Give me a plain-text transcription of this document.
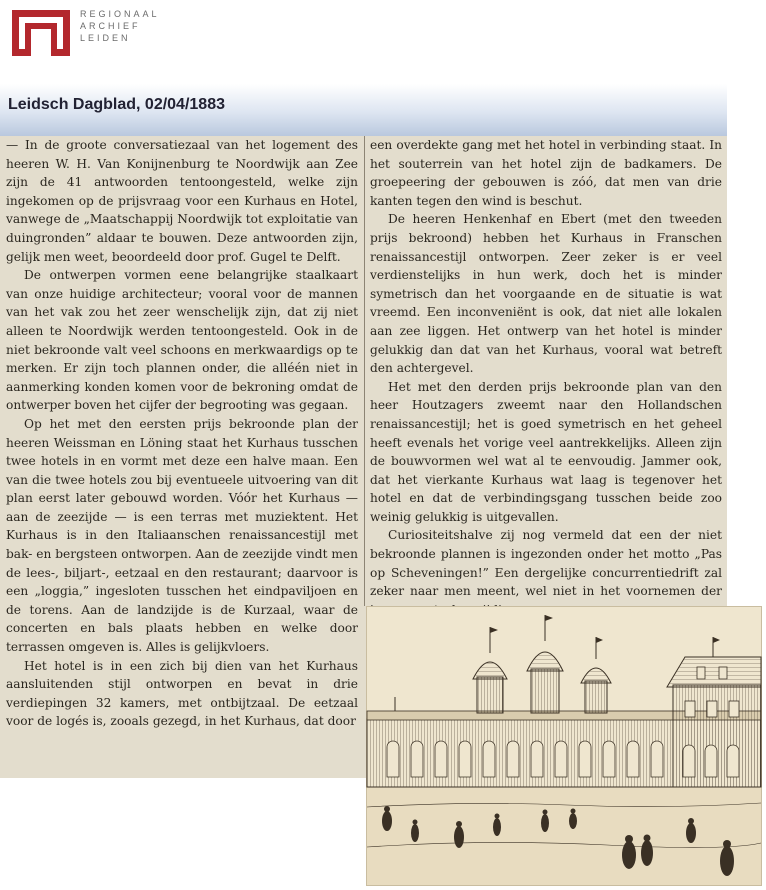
REGIONAAL
ARCHIEF
LEIDEN
Leidsch Dagblad, 02/04/1883

— In de groote conversatiezaal van het logement des heeren W. H. Van Konijnenburg te Noordwijk aan Zee zijn de 41 antwoorden tentoongesteld, welke zijn ingekomen op de prijsvraag voor een Kurhaus en Hotel, vanwege de „Maatschappij Noordwijk tot exploitatie van duingronden” aldaar te bouwen. Deze antwoorden zijn, gelijk men weet, beoordeeld door prof. Gugel te Delft.

De ontwerpen vormen eene belangrijke staalkaart van onze huidige architecteur; vooral voor de mannen van het vak zou het zeer wenschelijk zijn, dat zij niet alleen te Noordwijk werden tentoongesteld. Ook in de niet bekroonde valt veel schoons en merkwaardigs op te merken. Er zijn toch plannen onder, die alléén niet in aanmerking konden komen voor de bekroning omdat de ontwerper boven het cijfer der begrooting was gegaan.

Op het met den eersten prijs bekroonde plan der heeren Weissman en Löning staat het Kurhaus tusschen twee hotels in en vormt met deze een halve maan. Een van die twee hotels zou bij eventueele uitvoering van dit plan eerst later gebouwd worden. Vóór het Kurhaus — aan de zeezijde — is een terras met muziektent. Het Kurhaus is in den Italiaanschen renaissancestijl met bak- en bergsteen ontworpen. Aan de zeezijde vindt men de lees-, biljart-, eetzaal en den restaurant; daarvoor is een „loggia,” ingesloten tusschen het eindpaviljoen en de torens. Aan de landzijde is de Kurzaal, waar de concerten en bals plaats hebben en welke door terrassen omgeven is. Alles is gelijkvloers.

Het hotel is in een zich bij dien van het Kurhaus aansluitenden stijl ontworpen en bevat in drie verdiepingen 32 kamers, met ontbijtzaal. De eetzaal voor de logés is, zooals gezegd, in het Kurhaus, dat door

een overdekte gang met het hotel in verbinding staat. In het souterrein van het hotel zijn de badkamers. De groepeering der gebouwen is zóó, dat men van drie kanten tegen den wind is beschut.

De heeren Henkenhaf en Ebert (met den tweeden prijs bekroond) hebben het Kurhaus in Franschen renaissancestijl ontworpen. Zeer zeker is er veel verdienstelijks in hun werk, doch het is minder symetrisch dan het voorgaande en de situatie is wat vreemd. Een inconveniënt is ook, dat niet alle lokalen aan zee liggen. Het ontwerp van het hotel is minder gelukkig dan dat van het Kurhaus, vooral wat betreft den achtergevel.

Het met den derden prijs bekroonde plan van den heer Houtzagers zweemt naar den Hollandschen renaissancestijl; het is goed symetrisch en het geheel heeft evenals het vorige veel aantrekkelijks. Alleen zijn de bouwvormen wel wat al te eenvoudig. Jammer ook, dat het vierkante Kurhaus wat laag is tegenover het hotel en dat de verbindingsgang tusschen beide zoo weinig gelukkig is uitgevallen.

Curiositeitshalve zij nog vermeld dat een der niet bekroonde plannen is ingezonden onder het motto „Pas op Scheveningen!” Een dergelijke concurrentiedrift zal zeker naar men meent, wel niet in het voornemen der
